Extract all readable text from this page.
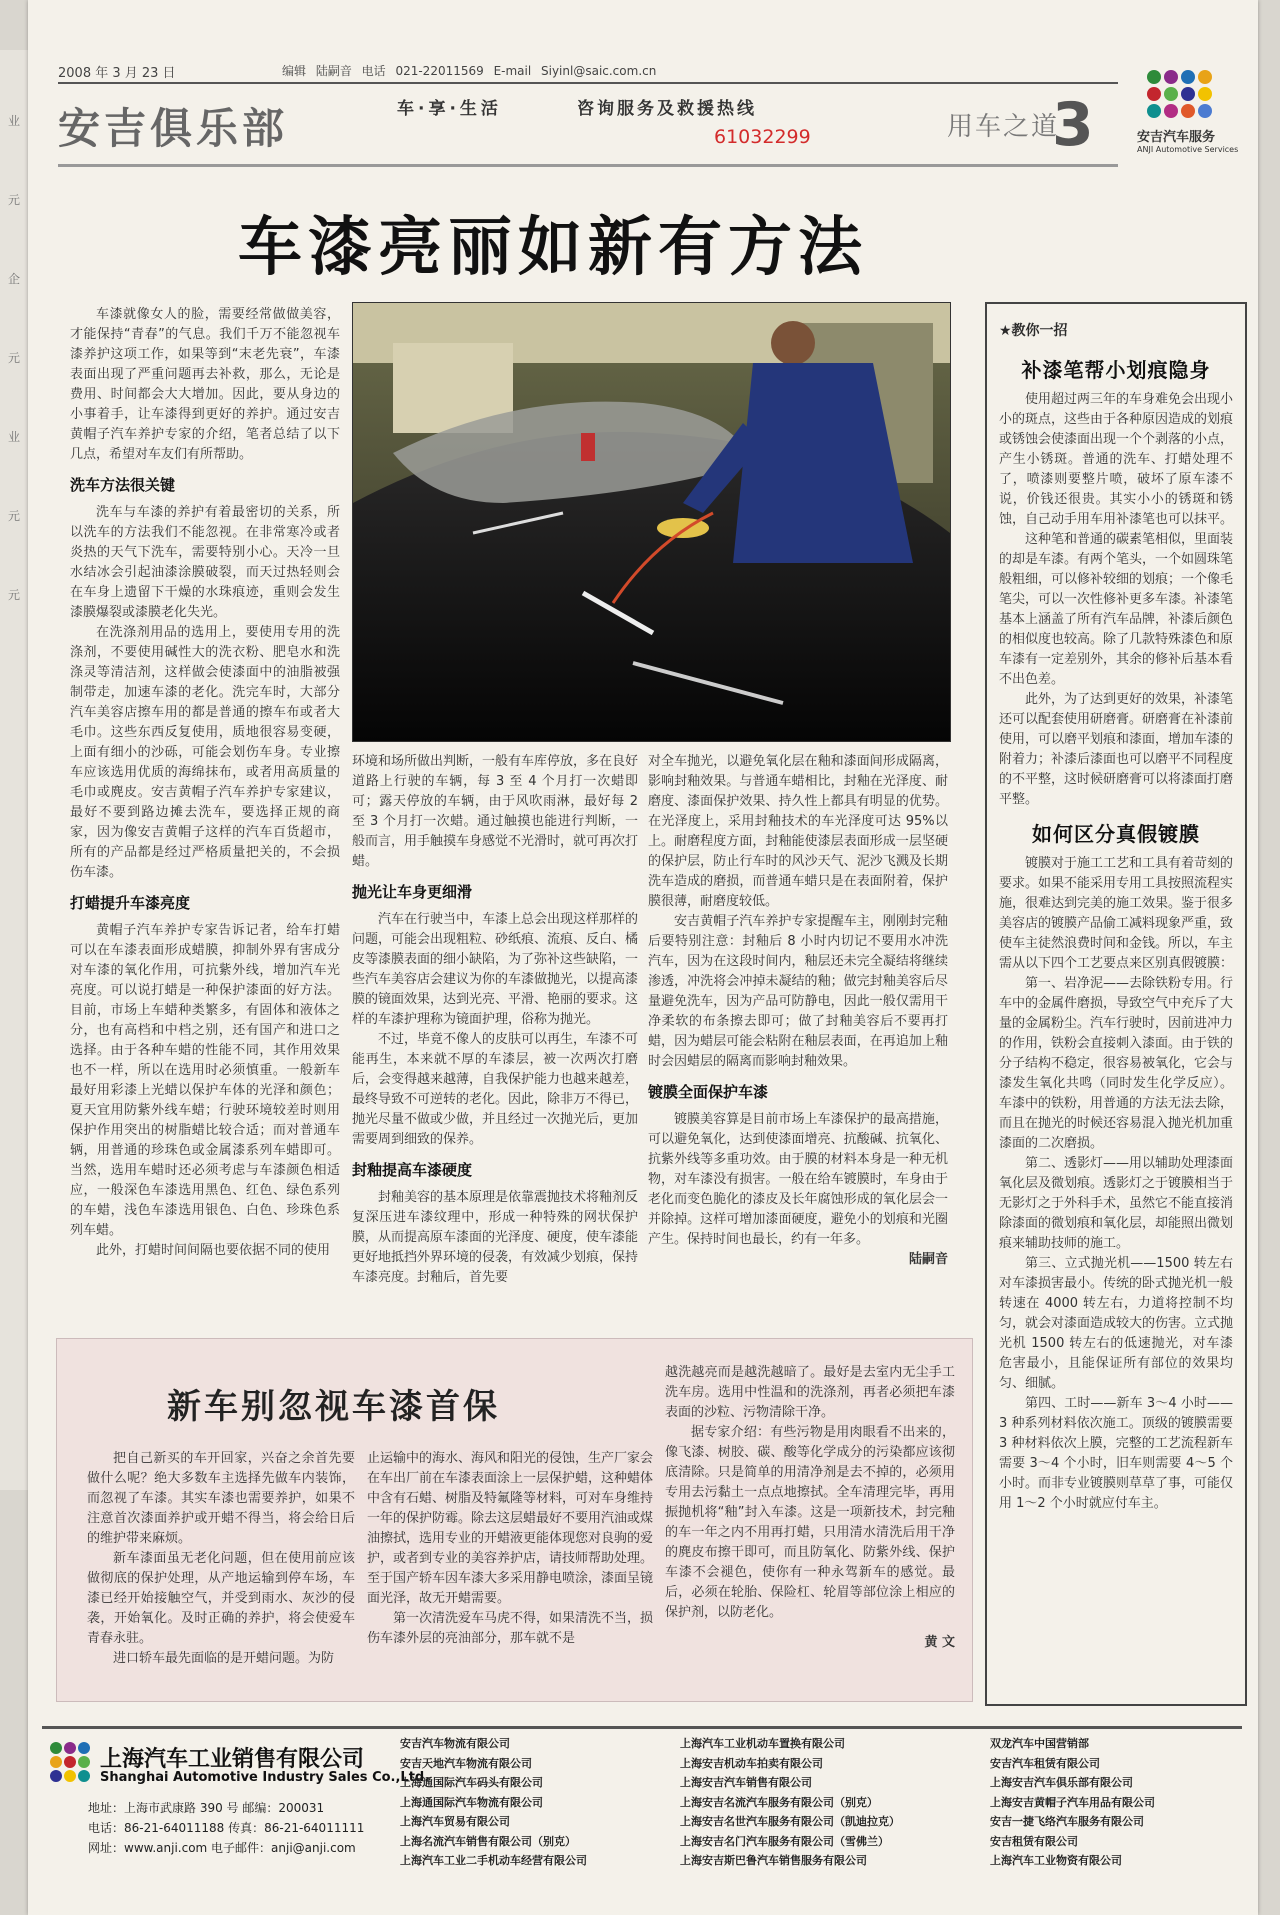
业
元
企
元
业
元
元
2008 年 3 月 23 日	编辑 陆嗣音 电话 021-22011569 E-mail Siyinl@saic.com.cn
安吉俱乐部	车·享·生活	咨询服务及救援热线
61032299	用车之道
3	安吉汽车服务
ANJI Automotive Services
车漆亮丽如新有方法

车漆就像女人的脸，需要经常做做美容，才能保持“青春”的气息。我们千万不能忽视车漆养护这项工作，如果等到“末老先衰”，车漆表面出现了严重问题再去补救，那么，无论是费用、时间都会大大增加。因此，要从身边的小事着手，让车漆得到更好的养护。通过安吉黄帽子汽车养护专家的介绍，笔者总结了以下几点，希望对车友们有所帮助。

洗车方法很关键

洗车与车漆的养护有着最密切的关系，所以洗车的方法我们不能忽视。在非常寒冷或者炎热的天气下洗车，需要特别小心。天冷一旦水结冰会引起油漆涂膜破裂，而天过热轻则会在车身上遗留下干燥的水珠痕迹，重则会发生漆膜爆裂或漆膜老化失光。

在洗涤剂用品的选用上，要使用专用的洗涤剂，不要使用碱性大的洗衣粉、肥皂水和洗涤灵等清洁剂，这样做会使漆面中的油脂被强制带走，加速车漆的老化。洗完车时，大部分汽车美容店擦车用的都是普通的擦车布或者大毛巾。这些东西反复使用，质地很容易变硬，上面有细小的沙砾，可能会划伤车身。专业擦车应该选用优质的海绵抹布，或者用高质量的毛巾或麂皮。安吉黄帽子汽车养护专家建议，最好不要到路边摊去洗车，要选择正规的商家，因为像安吉黄帽子这样的汽车百货超市，所有的产品都是经过严格质量把关的，不会损伤车漆。

打蜡提升车漆亮度

黄帽子汽车养护专家告诉记者，给车打蜡可以在车漆表面形成蜡膜，抑制外界有害成分对车漆的氧化作用，可抗紫外线，增加汽车光亮度。可以说打蜡是一种保护漆面的好方法。目前，市场上车蜡种类繁多，有固体和液体之分，也有高档和中档之别，还有国产和进口之选择。由于各种车蜡的性能不同，其作用效果也不一样，所以在选用时必须慎重。一般新车最好用彩漆上光蜡以保护车体的光泽和颜色；夏天宜用防紫外线车蜡；行驶环境较差时则用保护作用突出的树脂蜡比较合适；而对普通车辆，用普通的珍珠色或金属漆系列车蜡即可。当然，选用车蜡时还必须考虑与车漆颜色相适应，一般深色车漆选用黑色、红色、绿色系列的车蜡，浅色车漆选用银色、白色、珍珠色系列车蜡。

此外，打蜡时间间隔也要依据不同的使用

环境和场所做出判断，一般有车库停放，多在良好道路上行驶的车辆，每 3 至 4 个月打一次蜡即可；露天停放的车辆，由于风吹雨淋，最好每 2 至 3 个月打一次蜡。通过触摸也能进行判断，一般而言，用手触摸车身感觉不光滑时，就可再次打蜡。

抛光让车身更细滑

汽车在行驶当中，车漆上总会出现这样那样的问题，可能会出现粗粒、砂纸痕、流痕、反白、橘皮等漆膜表面的细小缺陷，为了弥补这些缺陷，一些汽车美容店会建议为你的车漆做抛光，以提高漆膜的镜面效果，达到光亮、平滑、艳丽的要求。这样的车漆护理称为镜面护理，俗称为抛光。

不过，毕竟不像人的皮肤可以再生，车漆不可能再生，本来就不厚的车漆层，被一次两次打磨后，会变得越来越薄，自我保护能力也越来越差，最终导致不可逆转的老化。因此，除非万不得已，抛光尽量不做或少做，并且经过一次抛光后，更加需要周到细致的保养。

封釉提高车漆硬度

封釉美容的基本原理是依靠震抛技术将釉剂反复深压进车漆纹理中，形成一种特殊的网状保护膜，从而提高原车漆面的光泽度、硬度，使车漆能更好地抵挡外界环境的侵袭，有效减少划痕，保持车漆亮度。封釉后，首先要

对全车抛光，以避免氧化层在釉和漆面间形成隔离，影响封釉效果。与普通车蜡相比，封釉在光泽度、耐磨度、漆面保护效果、持久性上都具有明显的优势。在光泽度上，采用封釉技术的车光泽度可达 95%以上。耐磨程度方面，封釉能使漆层表面形成一层坚硬的保护层，防止行车时的风沙天气、泥沙飞溅及长期洗车造成的磨损，而普通车蜡只是在表面附着，保护膜很薄，耐磨度较低。

安吉黄帽子汽车养护专家提醒车主，刚刚封完釉后要特别注意：封釉后 8 小时内切记不要用水冲洗汽车，因为在这段时间内，釉层还未完全凝结将继续渗透，冲洗将会冲掉未凝结的釉；做完封釉美容后尽量避免洗车，因为产品可防静电，因此一般仅需用干净柔软的布条擦去即可；做了封釉美容后不要再打蜡，因为蜡层可能会粘附在釉层表面，在再追加上釉时会因蜡层的隔离而影响封釉效果。

镀膜全面保护车漆

镀膜美容算是目前市场上车漆保护的最高措施，可以避免氧化，达到使漆面增亮、抗酸碱、抗氧化、抗紫外线等多重功效。由于膜的材料本身是一种无机物，对车漆没有损害。一般在给车镀膜时，车身由于老化而变色脆化的漆皮及长年腐蚀形成的氧化层会一并除掉。这样可增加漆面硬度，避免小的划痕和光圈产生。保持时间也最长，约有一年多。

陆嗣音
★教你一招
补漆笔帮小划痕隐身

使用超过两三年的车身难免会出现小小的斑点，这些由于各种原因造成的划痕或锈蚀会使漆面出现一个个剥落的小点，产生小锈斑。普通的洗车、打蜡处理不了，喷漆则要整片喷，破坏了原车漆不说，价钱还很贵。其实小小的锈斑和锈蚀，自己动手用车用补漆笔也可以抹平。

这种笔和普通的碳素笔相似，里面装的却是车漆。有两个笔头，一个如圆珠笔般粗细，可以修补较细的划痕；一个像毛笔尖，可以一次性修补更多车漆。补漆笔基本上涵盖了所有汽车品牌，补漆后颜色的相似度也较高。除了几款特殊漆色和原车漆有一定差别外，其余的修补后基本看不出色差。

此外，为了达到更好的效果，补漆笔还可以配套使用研磨膏。研磨膏在补漆前使用，可以磨平划痕和漆面，增加车漆的附着力；补漆后漆面也可以磨平不同程度的不平整，这时候研磨膏可以将漆面打磨平整。

如何区分真假镀膜

镀膜对于施工工艺和工具有着苛刻的要求。如果不能采用专用工具按照流程实施，很难达到完美的施工效果。鉴于很多美容店的镀膜产品偷工减料现象严重，致使车主徒然浪费时间和金钱。所以，车主需从以下四个工艺要点来区别真假镀膜：

第一、岩净泥——去除铁粉专用。行车中的金属件磨损，导致空气中充斥了大量的金属粉尘。汽车行驶时，因前进冲力的作用，铁粉会直接刺入漆面。由于铁的分子结构不稳定，很容易被氧化，它会与漆发生氧化共鸣（同时发生化学反应）。车漆中的铁粉，用普通的方法无法去除，而且在抛光的时候还容易混入抛光机加重漆面的二次磨损。

第二、透影灯——用以辅助处理漆面氧化层及微划痕。透影灯之于镀膜相当于无影灯之于外科手术，虽然它不能直接消除漆面的微划痕和氧化层，却能照出微划痕来辅助技师的施工。

第三、立式抛光机——1500 转左右对车漆损害最小。传统的卧式抛光机一般转速在 4000 转左右，力道将控制不均匀，就会对漆面造成较大的伤害。立式抛光机 1500 转左右的低速抛光，对车漆危害最小，且能保证所有部位的效果均匀、细腻。

第四、工时——新车 3～4 小时——3 种系列材料依次施工。顶级的镀膜需要 3 种材料依次上膜，完整的工艺流程新车需要 3～4 个小时，旧车则需要 4～5 个小时。而非专业镀膜则草草了事，可能仅用 1～2 个小时就应付车主。

新车别忽视车漆首保

把自己新买的车开回家，兴奋之余首先要做什么呢？绝大多数车主选择先做车内装饰，而忽视了车漆。其实车漆也需要养护，如果不注意首次漆面养护或开蜡不得当，将会给日后的维护带来麻烦。

新车漆面虽无老化问题，但在使用前应该做彻底的保护处理，从产地运输到停车场，车漆已经开始接触空气，并受到雨水、灰沙的侵袭，开始氧化。及时正确的养护，将会使爱车青春永驻。

进口轿车最先面临的是开蜡问题。为防

止运输中的海水、海风和阳光的侵蚀，生产厂家会在车出厂前在车漆表面涂上一层保护蜡，这种蜡体中含有石蜡、树脂及特氟隆等材料，可对车身维持一年的保护防霉。除去这层蜡最好不要用汽油或煤油擦拭，选用专业的开蜡液更能体现您对良驹的爱护，或者到专业的美容养护店，请技师帮助处理。至于国产轿车因车漆大多采用静电喷涂，漆面呈镜面光泽，故无开蜡需要。

第一次清洗爱车马虎不得，如果清洗不当，损伤车漆外层的亮油部分，那车就不是

越洗越亮而是越洗越暗了。最好是去室内无尘手工洗车房。选用中性温和的洗涤剂，再者必须把车漆表面的沙粒、污物清除干净。

据专家介绍：有些污物是用肉眼看不出来的，像飞漆、树胶、碳、酸等化学成分的污染都应该彻底清除。只是简单的用清净剂是去不掉的，必须用专用去污黏土一点点地擦拭。全车清理完毕，再用振抛机将“釉”封入车漆。这是一项新技术，封完釉的车一年之内不用再打蜡，只用清水清洗后用干净的麂皮布擦干即可，而且防氧化、防紫外线、保护车漆不会褪色，使你有一种永驾新车的感觉。最后，必须在轮胎、保险杠、轮眉等部位涂上相应的保护剂，以防老化。

黄 文
上海汽车工业销售有限公司
Shanghai Automotive Industry Sales Co.,Ltd.
地址：上海市武康路 390 号 邮编：200031
电话：86-21-64011188 传真：86-21-64011111
网址：www.anji.com 电子邮件：anji@anji.com
安吉汽车物流有限公司
安吉天地汽车物流有限公司
上海通国际汽车码头有限公司
上海通国际汽车物流有限公司
上海汽车贸易有限公司
上海名流汽车销售有限公司（别克）
上海汽车工业二手机动车经营有限公司
上海汽车工业机动车置换有限公司
上海安吉机动车拍卖有限公司
上海安吉汽车销售有限公司
上海安吉名流汽车服务有限公司（别克）
上海安吉名世汽车服务有限公司（凯迪拉克）
上海安吉名门汽车服务有限公司（雪佛兰）
上海安吉斯巴鲁汽车销售服务有限公司
双龙汽车中国营销部
安吉汽车租赁有限公司
上海安吉汽车俱乐部有限公司
上海安吉黄帽子汽车用品有限公司
安吉一捷飞络汽车服务有限公司
安吉租赁有限公司
上海汽车工业物资有限公司
